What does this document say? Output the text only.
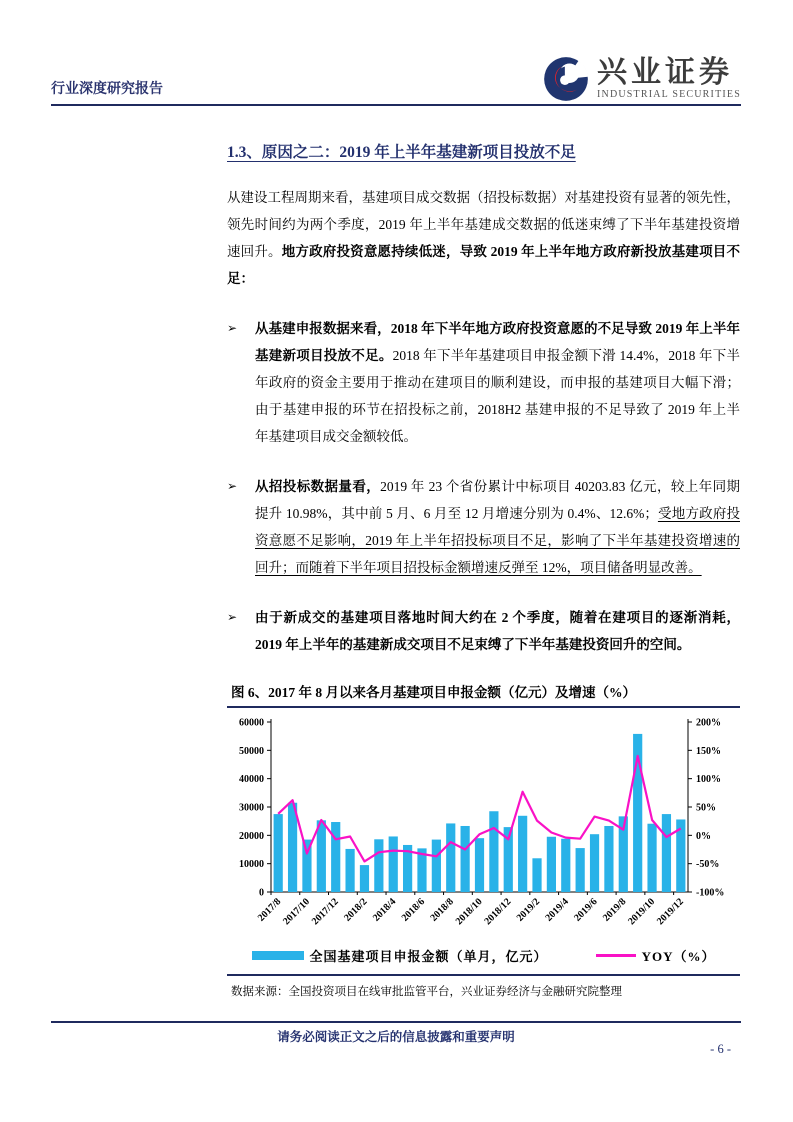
行业深度研究报告
兴业证券
INDUSTRIAL SECURITIES
1.3、原因之二：2019 年上半年基建新项目投放不足

从建设工程周期来看，基建项目成交数据（招投标数据）对基建投资有显著的领先性，领先时间约为两个季度，2019 年上半年基建成交数据的低迷束缚了下半年基建投资增速回升。地方政府投资意愿持续低迷，导致 2019 年上半年地方政府新投放基建项目不足：

➢	从基建申报数据来看，2018 年下半年地方政府投资意愿的不足导致 2019 年上半年基建新项目投放不足。2018 年下半年基建项目申报金额下滑 14.4%，2018 年下半年政府的资金主要用于推动在建项目的顺利建设，而申报的基建项目大幅下滑；由于基建申报的环节在招投标之前，2018H2 基建申报的不足导致了 2019 年上半年基建项目成交金额较低。
➢	从招投标数据量看，2019 年 23 个省份累计中标项目 40203.83 亿元，较上年同期提升 10.98%，其中前 5 月、6 月至 12 月增速分别为 0.4%、12.6%；受地方政府投资意愿不足影响，2019 年上半年招投标项目不足，影响了下半年基建投资增速的回升；而随着下半年项目招投标金额增速反弹至 12%，项目储备明显改善。
➢	由于新成交的基建项目落地时间大约在 2 个季度，随着在建项目的逐渐消耗，2019 年上半年的基建新成交项目不足束缚了下半年基建投资回升的空间。
图 6、2017 年 8 月以来各月基建项目申报金额（亿元）及增速（%）
0
10000
20000
30000
40000
50000
60000
-100%
-50%
0%
50%
100%
150%
200%
2017/8
2017/10
2017/12 2018/2 2018/4 2018/6 2018/8
2018/10
2018/12 2019/2 2019/4 2019/6 2019/8
2019/10
2019/12
全国基建项目申报金额（单月，亿元）	YOY（%）
数据来源：全国投资项目在线审批监管平台，兴业证券经济与金融研究院整理
请务必阅读正文之后的信息披露和重要声明
- 6 -
